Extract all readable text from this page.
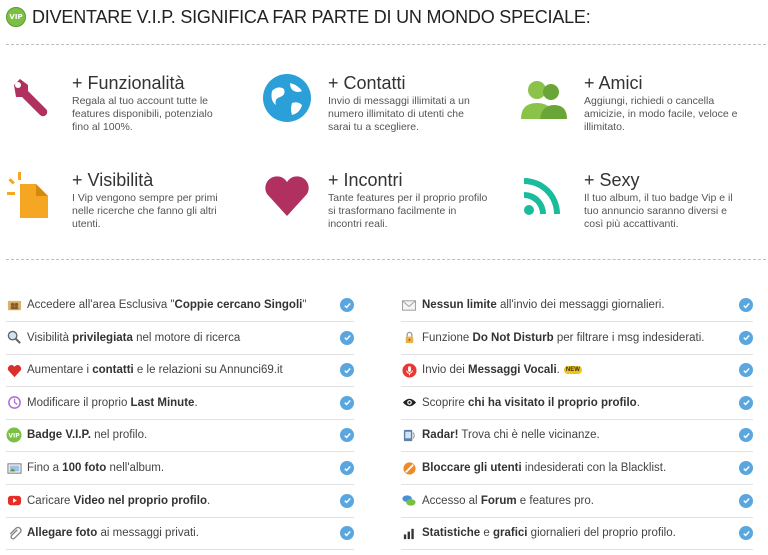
VIP DIVENTARE V.I.P. SIGNIFICA FAR PARTE DI UN MONDO SPECIALE:
+ Funzionalità

Regala al tuo account tutte le features disponibili, potenzialo fino al 100%.

+ Contatti

Invio di messaggi illimitati a un numero illimitato di utenti che sarai tu a scegliere.

+ Amici

Aggiungi, richiedi o cancella amicizie, in modo facile, veloce e illimitato.

+ Visibilità

I Vip vengono sempre per primi nelle ricerche che fanno gli altri utenti.

+ Incontri

Tante features per il proprio profilo si trasformano facilmente in incontri reali.

+ Sexy

Il tuo album, il tuo badge Vip e il tuo annuncio saranno diversi e così più accattivanti.

Accedere all'area Esclusiva "Coppie cercano Singoli"
Visibilità privilegiata nel motore di ricerca
Aumentare i contatti e le relazioni su Annunci69.it
Modificare il proprio Last Minute.
VIP Badge V.I.P. nel profilo.
Fino a 100 foto nell'album.
Caricare Video nel proprio profilo.
Allegare foto ai messaggi privati.
Nessun limite all'invio dei messaggi giornalieri.
Funzione Do Not Disturb per filtrare i msg indesiderati.
Invio dei Messaggi Vocali. NEW
Scoprire chi ha visitato il proprio profilo.
Radar! Trova chi è nelle vicinanze.
Bloccare gli utenti indesiderati con la Blacklist.
Accesso al Forum e features pro.
Statistiche e grafici giornalieri del proprio profilo.
